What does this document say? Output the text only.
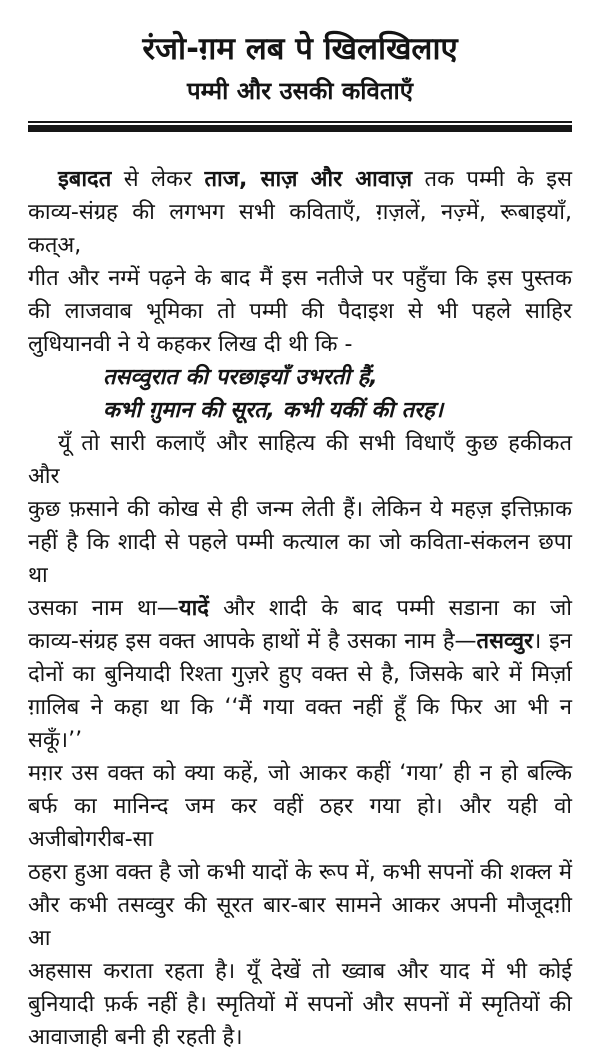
रंजो-ग़म लब पे खिलखिलाए
पम्मी और उसकी कविताएँ
इबादत से लेकर ताज, साज़ और आवाज़ तक पम्मी के इस
काव्य-संग्रह की लगभग सभी कविताएँ, ग़ज़लें, नज़्में, रूबाइयाँ, कत्अ,
गीत और नग्में पढ़ने के बाद मैं इस नतीजे पर पहुँचा कि इस पुस्तक
की लाजवाब भूमिका तो पम्मी की पैदाइश से भी पहले साहिर
लुधियानवी ने ये कहकर लिख दी थी कि -
तसव्वुरात की परछाइयाँ उभरती हैं,
कभी ग़ुमान की सूरत, कभी यकीं की तरह।
यूँ तो सारी कलाएँ और साहित्य की सभी विधाएँ कुछ हकीकत और
कुछ फ़साने की कोख से ही जन्म लेती हैं। लेकिन ये महज़ इत्तिफ़ाक
नहीं है कि शादी से पहले पम्मी कत्याल का जो कविता-संकलन छपा था
उसका नाम था—यादें और शादी के बाद पम्मी सडाना का जो
काव्य-संग्रह इस वक्त आपके हाथों में है उसका नाम है—तसव्वुर। इन
दोनों का बुनियादी रिश्ता गुज़रे हुए वक्त से है, जिसके बारे में मिर्ज़ा
ग़ालिब ने कहा था कि ‘‘मैं गया वक्त नहीं हूँ कि फिर आ भी न सकूँ।’’
मग़र उस वक्त को क्या कहें, जो आकर कहीं ‘गया’ ही न हो बल्कि
बर्फ का मानिन्द जम कर वहीं ठहर गया हो। और यही वो अजीबोगरीब-सा
ठहरा हुआ वक्त है जो कभी यादों के रूप में, कभी सपनों की शक्ल में
और कभी तसव्वुर की सूरत बार-बार सामने आकर अपनी मौजूदग़ी आ
अहसास कराता रहता है। यूँ देखें तो ख्वाब और याद में भी कोई
बुनियादी फ़र्क नहीं है। स्मृतियों में सपनों और सपनों में स्मृतियों की
आवाजाही बनी ही रहती है।
